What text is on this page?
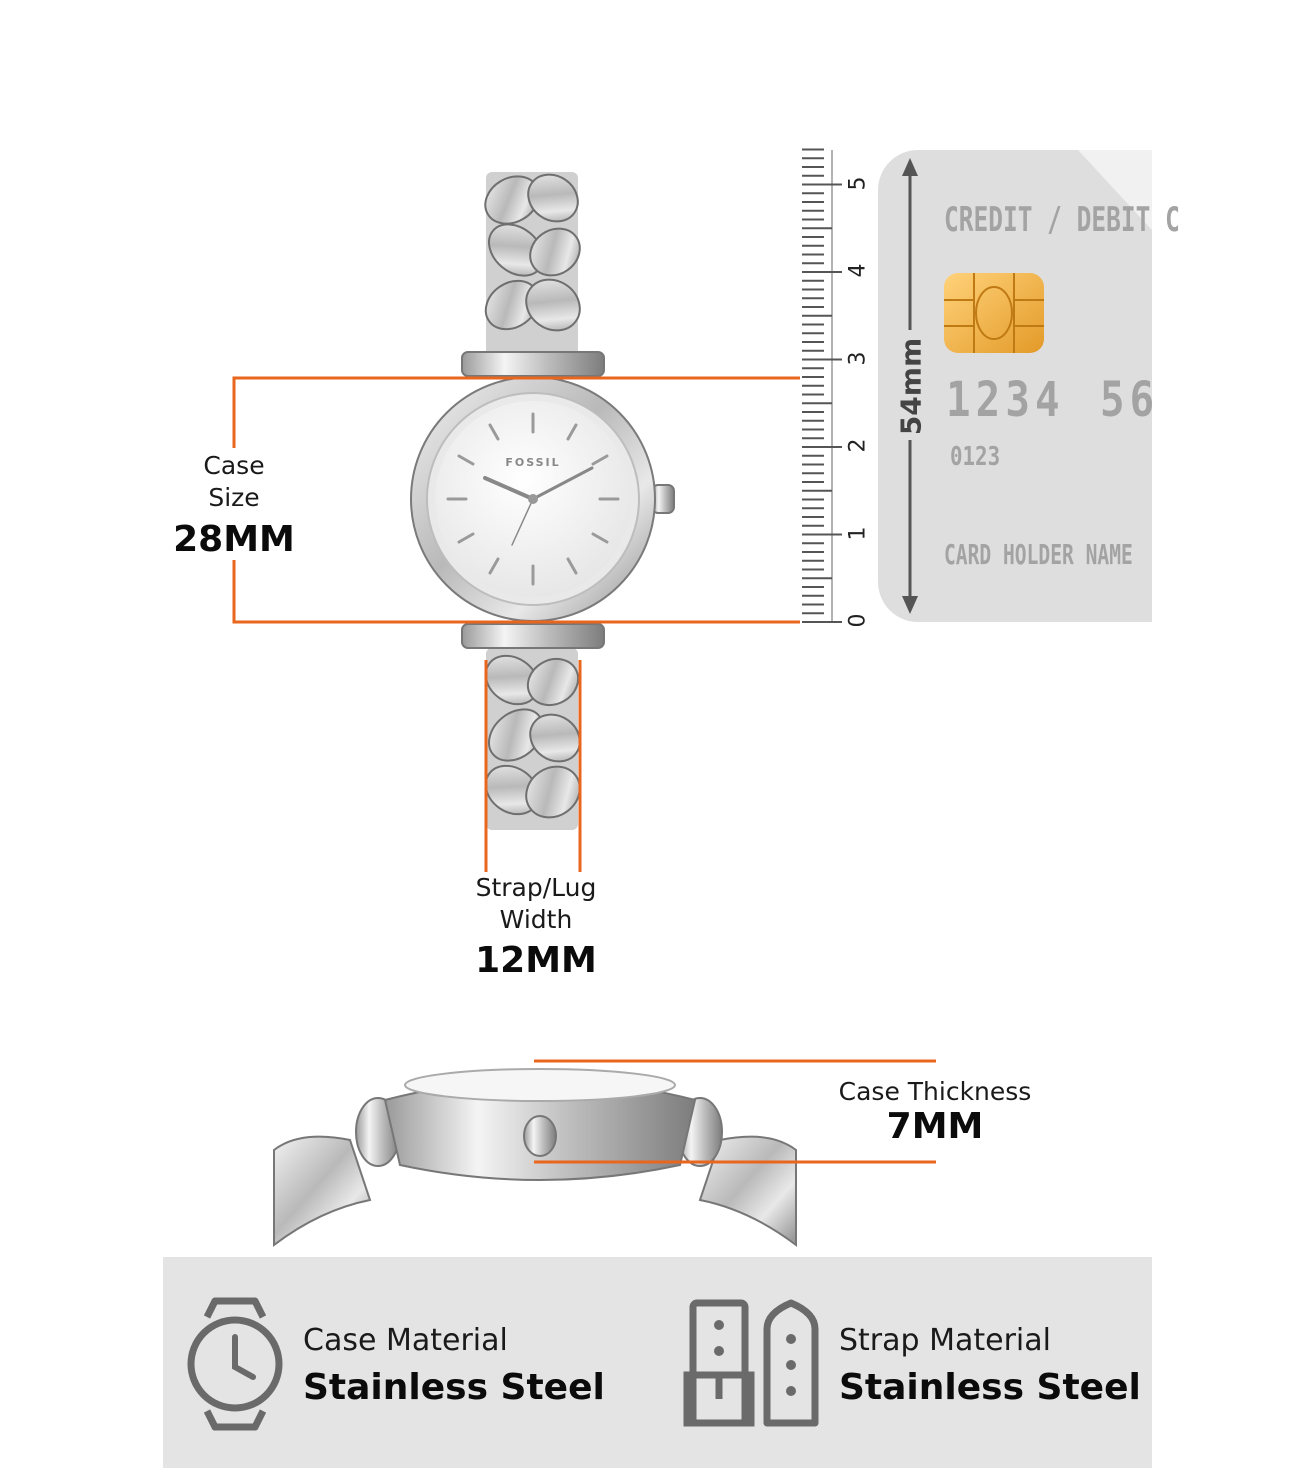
FOSSIL
Case
Size
28MM
Strap/Lug
Width
12MM
Case Thickness
7MM
0
1
2
3
4
5
CREDIT / DEBIT C
1234 56
0123
CARD HOLDER NAME
54mm
Case Material
Stainless Steel
Strap Material
Stainless Steel
